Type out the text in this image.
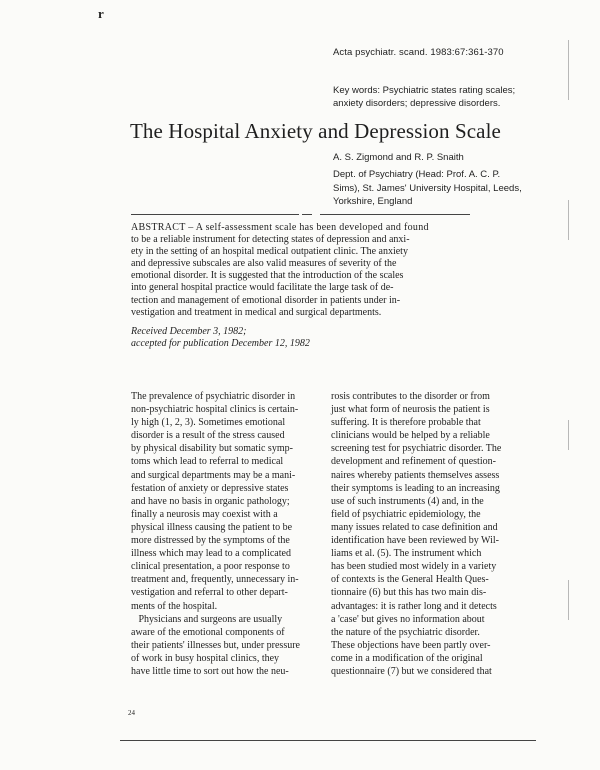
r
Acta psychiatr. scand. 1983:67:361-370
Key words: Psychiatric states rating scales;
anxiety disorders; depressive disorders.
The Hospital Anxiety and Depression Scale
A. S. Zigmond and R. P. Snaith
Dept. of Psychiatry (Head: Prof. A. C. P.
Sims), St. James' University Hospital, Leeds,
Yorkshire, England
ABSTRACT – A self-assessment scale has been developed and found
to be a reliable instrument for detecting states of depression and anxi-
ety in the setting of an hospital medical outpatient clinic. The anxiety
and depressive subscales are also valid measures of severity of the
emotional disorder. It is suggested that the introduction of the scales
into general hospital practice would facilitate the large task of de-
tection and management of emotional disorder in patients under in-
vestigation and treatment in medical and surgical departments.
Received December 3, 1982;
accepted for publication December 12, 1982
The prevalence of psychiatric disorder in
non-psychiatric hospital clinics is certain-
ly high (1, 2, 3). Sometimes emotional
disorder is a result of the stress caused
by physical disability but somatic symp-
toms which lead to referral to medical
and surgical departments may be a mani-
festation of anxiety or depressive states
and have no basis in organic pathology;
finally a neurosis may coexist with a
physical illness causing the patient to be
more distressed by the symptoms of the
illness which may lead to a complicated
clinical presentation, a poor response to
treatment and, frequently, unnecessary in-
vestigation and referral to other depart-
ments of the hospital.
Physicians and surgeons are usually
aware of the emotional components of
their patients' illnesses but, under pressure
of work in busy hospital clinics, they
have little time to sort out how the neu-
rosis contributes to the disorder or from
just what form of neurosis the patient is
suffering. It is therefore probable that
clinicians would be helped by a reliable
screening test for psychiatric disorder. The
development and refinement of question-
naires whereby patients themselves assess
their symptoms is leading to an increasing
use of such instruments (4) and, in the
field of psychiatric epidemiology, the
many issues related to case definition and
identification have been reviewed by Wil-
liams et al. (5). The instrument which
has been studied most widely in a variety
of contexts is the General Health Ques-
tionnaire (6) but this has two main dis-
advantages: it is rather long and it detects
a 'case' but gives no information about
the nature of the psychiatric disorder.
These objections have been partly over-
come in a modification of the original
questionnaire (7) but we considered that
24
